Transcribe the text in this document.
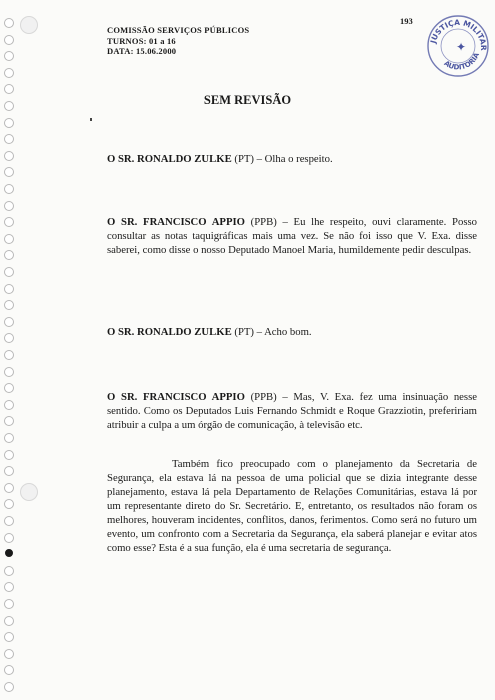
COMISSÃO SERVIÇOS PÚBLICOS
TURNOS: 01 a 16
DATA: 15.06.2000
193
JUSTIÇA MILITAR
AUDITORIA
✦
SEM REVISÃO
O SR. RONALDO ZULKE (PT) – Olha o respeito.
O SR. FRANCISCO APPIO (PPB) – Eu lhe respeito, ouvi claramente. Posso consultar as notas taquigráficas mais uma vez. Se não foi isso que V. Exa. disse saberei, como disse o nosso Deputado Manoel Maria, humildemente pedir desculpas.
O SR. RONALDO ZULKE (PT) – Acho bom.
O SR. FRANCISCO APPIO (PPB) – Mas, V. Exa. fez uma insinuação nesse sentido. Como os Deputados Luis Fernando Schmidt e Roque Grazziotin, prefeririam atribuir a culpa a um órgão de comunicação, à televisão etc.
Também fico preocupado com o planejamento da Secretaria de Segurança, ela estava lá na pessoa de uma policial que se dizia integrante desse planejamento, estava lá pela Departamento de Relações Comunitárias, estava lá por um representante direto do Sr. Secretário. E, entretanto, os resultados não foram os melhores, houveram incidentes, conflitos, danos, ferimentos. Como será no futuro um evento, um confronto com a Secretaria da Segurança, ela saberá planejar e evitar atos como esse? Esta é a sua função, ela é uma secretaria de segurança.
